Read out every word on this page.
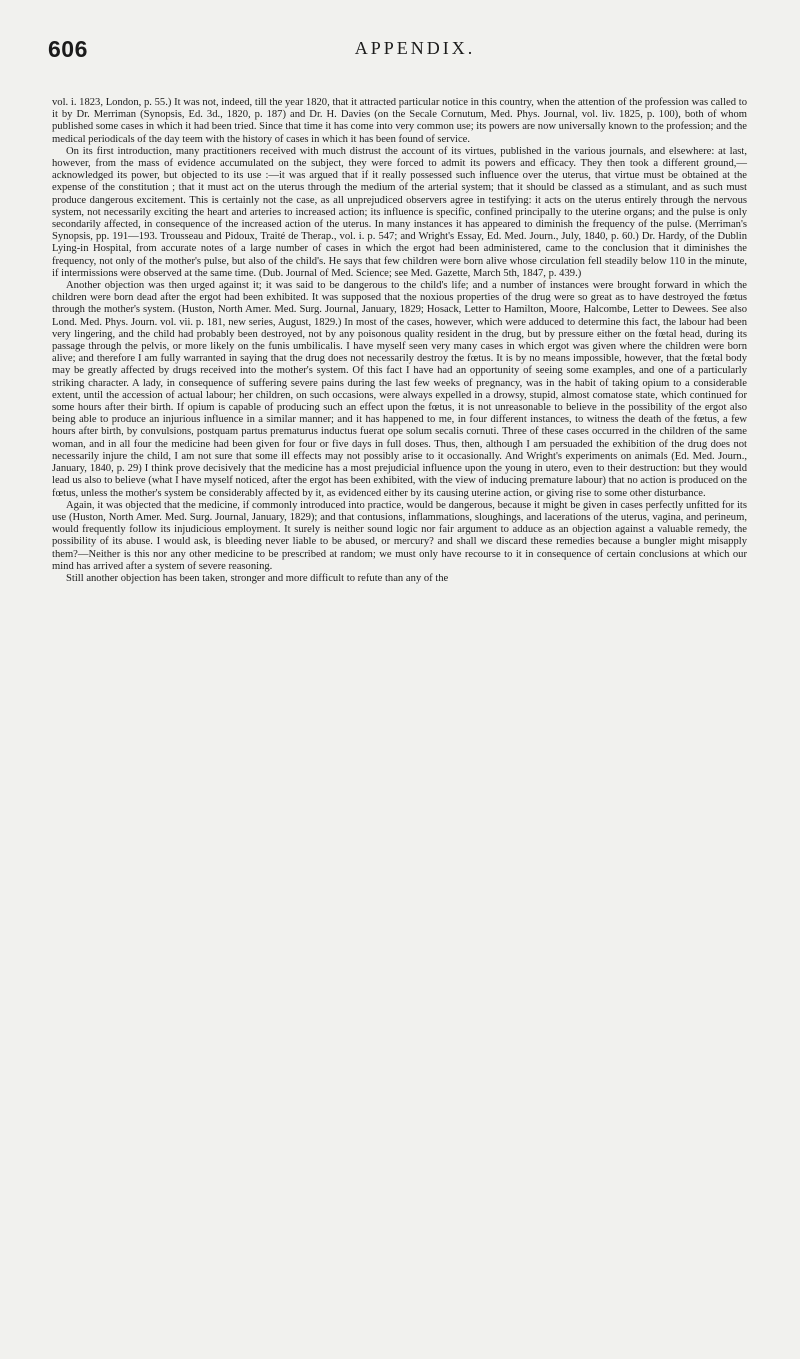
606	APPENDIX.

vol. i. 1823, London, p. 55.) It was not, indeed, till the year 1820, that it attracted particular notice in this country, when the attention of the profession was called to it by Dr. Merriman (Synopsis, Ed. 3d., 1820, p. 187) and Dr. H. Davies (on the Secale Cornutum, Med. Phys. Journal, vol. liv. 1825, p. 100), both of whom published some cases in which it had been tried. Since that time it has come into very common use; its powers are now universally known to the profession; and the medical periodicals of the day teem with the history of cases in which it has been found of service.

On its first introduction, many practitioners received with much distrust the account of its virtues, published in the various journals, and elsewhere: at last, however, from the mass of evidence accumulated on the subject, they were forced to admit its powers and efficacy. They then took a different ground,—acknowledged its power, but objected to its use :—it was argued that if it really possessed such influence over the uterus, that virtue must be obtained at the expense of the constitution ; that it must act on the uterus through the medium of the arterial system; that it should be classed as a stimulant, and as such must produce dangerous excitement. This is certainly not the case, as all unprejudiced observers agree in testifying: it acts on the uterus entirely through the nervous system, not necessarily exciting the heart and arteries to increased action; its influence is specific, confined principally to the uterine organs; and the pulse is only secondarily affected, in consequence of the increased action of the uterus. In many instances it has appeared to diminish the frequency of the pulse. (Merriman's Synopsis, pp. 191—193. Trousseau and Pidoux, Traité de Therap., vol. i. p. 547; and Wright's Essay, Ed. Med. Journ., July, 1840, p. 60.) Dr. Hardy, of the Dublin Lying-in Hospital, from accurate notes of a large number of cases in which the ergot had been administered, came to the conclusion that it diminishes the frequency, not only of the mother's pulse, but also of the child's. He says that few children were born alive whose circulation fell steadily below 110 in the minute, if intermissions were observed at the same time. (Dub. Journal of Med. Science; see Med. Gazette, March 5th, 1847, p. 439.)

Another objection was then urged against it; it was said to be dangerous to the child's life; and a number of instances were brought forward in which the children were born dead after the ergot had been exhibited. It was supposed that the noxious properties of the drug were so great as to have destroyed the fœtus through the mother's system. (Huston, North Amer. Med. Surg. Journal, January, 1829; Hosack, Letter to Hamilton, Moore, Halcombe, Letter to Dewees. See also Lond. Med. Phys. Journ. vol. vii. p. 181, new series, August, 1829.) In most of the cases, however, which were adduced to determine this fact, the labour had been very lingering, and the child had probably been destroyed, not by any poisonous quality resident in the drug, but by pressure either on the fœtal head, during its passage through the pelvis, or more likely on the funis umbilicalis. I have myself seen very many cases in which ergot was given where the children were born alive; and therefore I am fully warranted in saying that the drug does not necessarily destroy the fœtus. It is by no means impossible, however, that the fœtal body may be greatly affected by drugs received into the mother's system. Of this fact I have had an opportunity of seeing some examples, and one of a particularly striking character. A lady, in consequence of suffering severe pains during the last few weeks of pregnancy, was in the habit of taking opium to a considerable extent, until the accession of actual labour; her children, on such occasions, were always expelled in a drowsy, stupid, almost comatose state, which continued for some hours after their birth. If opium is capable of producing such an effect upon the fœtus, it is not unreasonable to believe in the possibility of the ergot also being able to produce an injurious influence in a similar manner; and it has happened to me, in four different instances, to witness the death of the fœtus, a few hours after birth, by convulsions, postquam partus prematurus inductus fuerat ope solum secalis cornuti. Three of these cases occurred in the children of the same woman, and in all four the medicine had been given for four or five days in full doses. Thus, then, although I am persuaded the exhibition of the drug does not necessarily injure the child, I am not sure that some ill effects may not possibly arise to it occasionally. And Wright's experiments on animals (Ed. Med. Journ., January, 1840, p. 29) I think prove decisively that the medicine has a most prejudicial influence upon the young in utero, even to their destruction: but they would lead us also to believe (what I have myself noticed, after the ergot has been exhibited, with the view of inducing premature labour) that no action is produced on the fœtus, unless the mother's system be considerably affected by it, as evidenced either by its causing uterine action, or giving rise to some other disturbance.

Again, it was objected that the medicine, if commonly introduced into practice, would be dangerous, because it might be given in cases perfectly unfitted for its use (Huston, North Amer. Med. Surg. Journal, January, 1829); and that contusions, inflammations, sloughings, and lacerations of the uterus, vagina, and perineum, would frequently follow its injudicious employment. It surely is neither sound logic nor fair argument to adduce as an objection against a valuable remedy, the possibility of its abuse. I would ask, is bleeding never liable to be abused, or mercury? and shall we discard these remedies because a bungler might misapply them?—Neither is this nor any other medicine to be prescribed at random; we must only have recourse to it in consequence of certain conclusions at which our mind has arrived after a system of severe reasoning.

Still another objection has been taken, stronger and more difficult to refute than any of the
